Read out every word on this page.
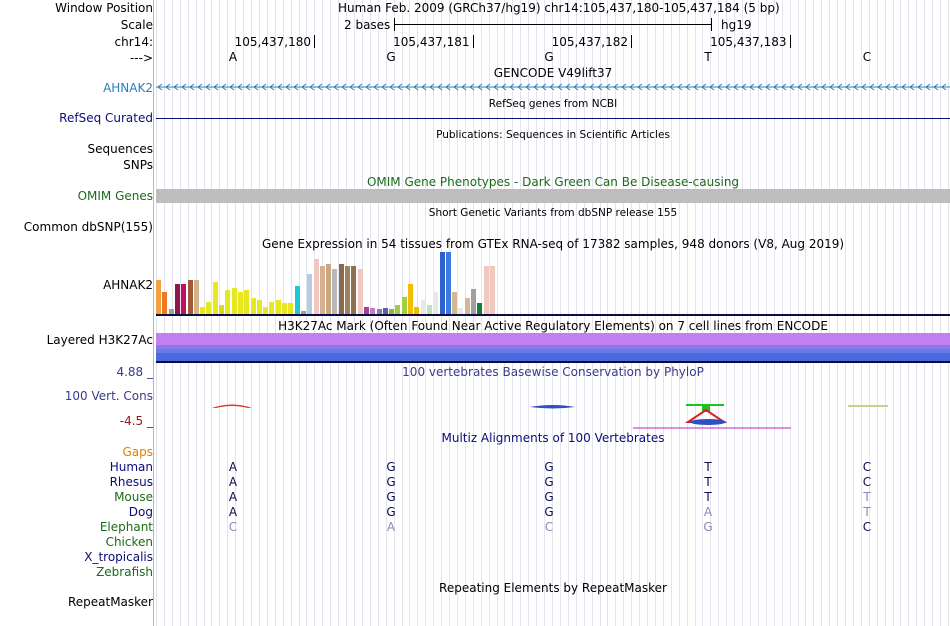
Window Position
Scale
chr14:
--->
Human Feb. 2009 (GRCh37/hg19) chr14:105,437,180-105,437,184 (5 bp)
2 bases	hg19
105,437,180	105,437,181	105,437,182	105,437,183
A	G	G	T	C
GENCODE V49lift37
AHNAK2
RefSeq genes from NCBI
RefSeq Curated
Publications: Sequences in Scientific Articles
Sequences
SNPs
OMIM Gene Phenotypes - Dark Green Can Be Disease-causing
OMIM Genes
Short Genetic Variants from dbSNP release 155
Common dbSNP(155)
Gene Expression in 54 tissues from GTEx RNA-seq of 17382 samples, 948 donors (V8, Aug 2019)
AHNAK2
H3K27Ac Mark (Often Found Near Active Regulatory Elements) on 7 cell lines from ENCODE
Layered H3K27Ac
4.88 _	100 vertebrates Basewise Conservation by PhyloP
100 Vert. Cons
-4.5 _
Multiz Alignments of 100 Vertebrates
Gaps
Human	A	G	G	T	C
Rhesus	A	G	G	T	C
Mouse	A	G	G	T	T
Dog	A	G	G	A	T
Elephant	C	A	C	G	C
Chicken
X_tropicalis
Zebrafish
Repeating Elements by RepeatMasker
RepeatMasker
